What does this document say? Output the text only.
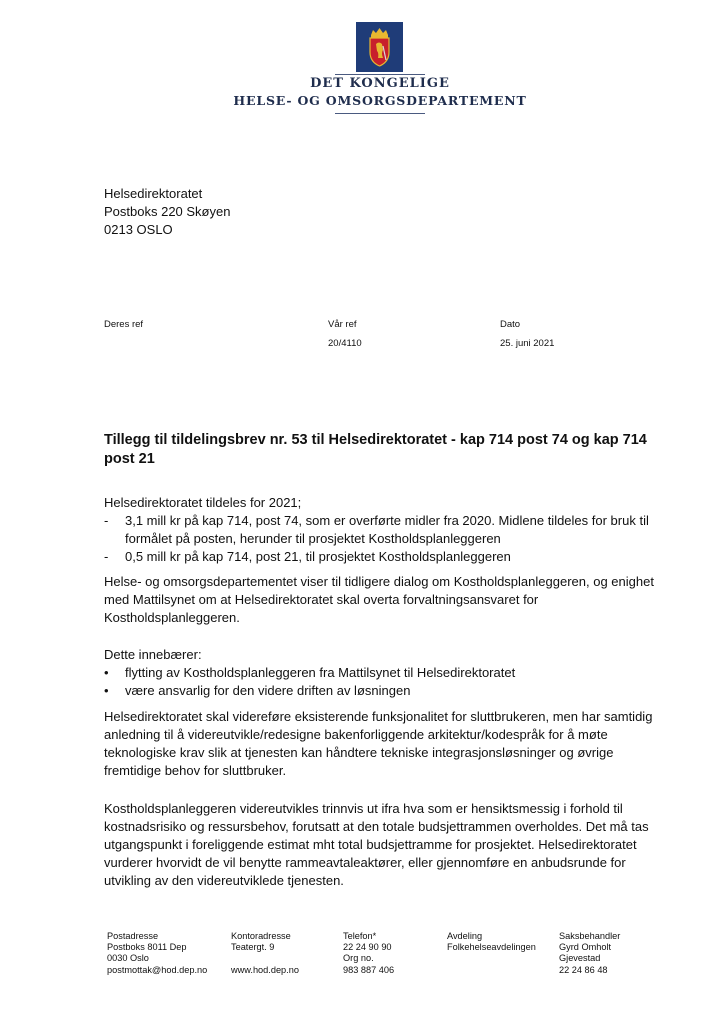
DET KONGELIGE
HELSE- OG OMSORGSDEPARTEMENT
Helsedirektoratet
Postboks 220 Skøyen
0213 OSLO
Deres ref	Vår ref
20/4110
Dato
25. juni 2021
Tillegg til tildelingsbrev nr. 53 til Helsedirektoratet - kap 714 post 74 og kap 714 post 21

Helsedirektoratet tildeles for 2021;

- 3,1 mill kr på kap 714, post 74, som er overførte midler fra 2020. Midlene tildeles for bruk til formålet på posten, herunder til prosjektet Kostholdsplanleggeren
- 0,5 mill kr på kap 714, post 21, til prosjektet Kostholdsplanleggeren

Helse- og omsorgsdepartementet viser til tidligere dialog om Kostholdsplanleggeren, og enighet med Mattilsynet om at Helsedirektoratet skal overta forvaltningsansvaret for Kostholdsplanleggeren.

Dette innebærer:

• flytting av Kostholdsplanleggeren fra Mattilsynet til Helsedirektoratet
• være ansvarlig for den videre driften av løsningen

Helsedirektoratet skal videreføre eksisterende funksjonalitet for sluttbrukeren, men har samtidig anledning til å videreutvikle/redesigne bakenforliggende arkitektur/kodespråk for å møte teknologiske krav slik at tjenesten kan håndtere tekniske integrasjonsløsninger og øvrige fremtidige behov for sluttbruker.

Kostholdsplanleggeren videreutvikles trinnvis ut ifra hva som er hensiktsmessig i forhold til kostnadsrisiko og ressursbehov, forutsatt at den totale budsjettrammen overholdes. Det må tas utgangspunkt i foreliggende estimat mht total budsjettramme for prosjektet. Helsedirektoratet vurderer hvorvidt de vil benytte rammeavtaleaktører, eller gjennomføre en anbudsrunde for utvikling av den videreutviklede tjenesten.

Postadresse
Postboks 8011 Dep
0030 Oslo
postmottak@hod.dep.no
Kontoradresse
Teatergt. 9
www.hod.dep.no
Telefon*
22 24 90 90
Org no.
983 887 406
Avdeling
Folkehelseavdelingen
Saksbehandler
Gyrd Omholt
Gjevestad
22 24 86 48
